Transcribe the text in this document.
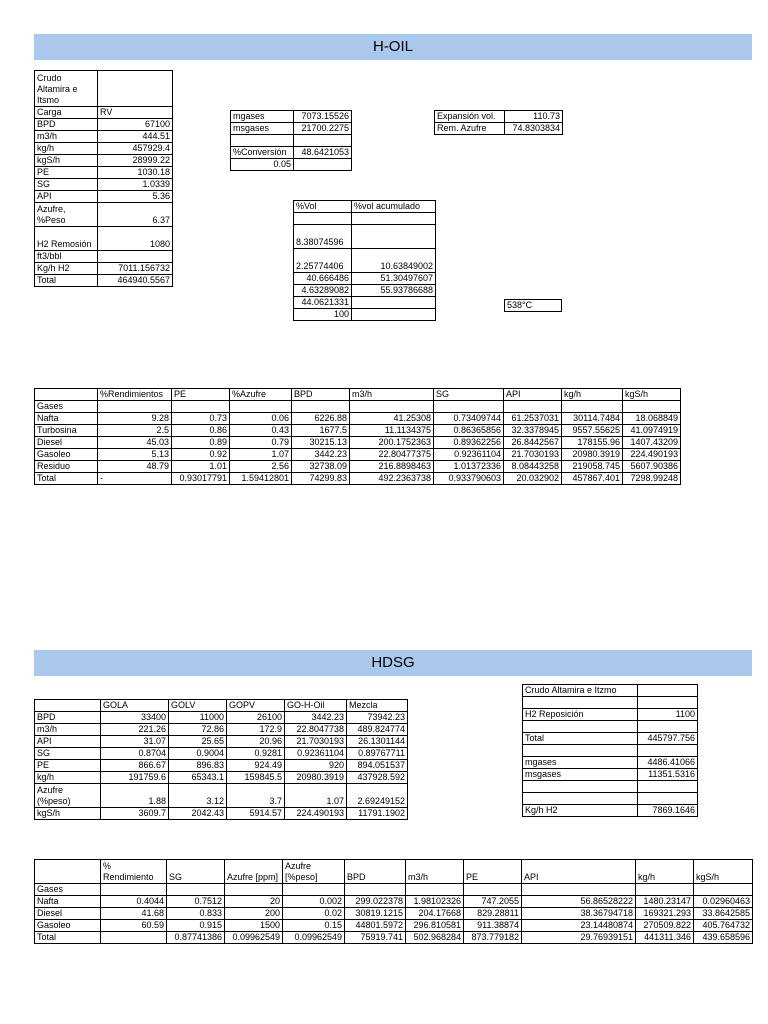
H-OIL
Crudo Altamira e Itsmo	
Carga	RV
BPD	67100
m3/h	444.51
kg/h	457929.4
kgS/h	28999.22
PE	1030.18
SG	1.0339
API	5.36
Azufre, %Peso	6.37
H2 Remosión	1080
ft3/bbl	
Kg/h H2	7011.156732
Total	464940.5567
mgases	7073.15526
msgases	21700.2275

%Conversión	48.6421053
0.05	
Expansión vol.	110.73
Rem. Azufre	74.8303834
%Vol	%vol acumulado

8.38074596	
2.25774406	10.63849002
40.666486	51.30497607
4.63289082	55.93786688
44.0621331	
100	
538°C
	%Rendimientos	PE	%Azufre	BPD	m3/h	SG	API	kg/h	kgS/h
Gases									
Nafta	9.28	0.73	0.06	6226.88	41.25308	0.73409744	61.2537031	30114.7484	18.068849
Turbosina	2.5	0.86	0.43	1677.5	11.1134375	0.86365856	32.3378945	9557.55625	41.0974919
Diesel	45.03	0.89	0.79	30215.13	200.1752363	0.89362256	26.8442567	178155.96	1407.43209
Gasoleo	5.13	0.92	1.07	3442.23	22.80477375	0.92361104	21.7030193	20980.3919	224.490193
Residuo	48.79	1.01	2.56	32738.09	216.8898463	1.01372336	8.08443258	219058.745	5607.90386
Total	-	0.93017791	1.59412801	74299.83	492.2363738	0.933790603	20.032902	457867.401	7298.99248
HDSG
	GOLA	GOLV	GOPV	GO-H-Oil	Mezcla
BPD	33400	11000	26100	3442.23	73942.23
m3/h	221.26	72.86	172.9	22.8047738	489.824774
API	31.07	25.65	20.96	21.7030193	26.1301144
SG	0.8704	0.9004	0.9281	0.92361104	0.89767711
PE	866.67	896.83	924.49	920	894.051537
kg/h	191759.6	65343.1	159845.5	20980.3919	437928.592
Azufre (%peso)	1.88	3.12	3.7	1.07	2.69249152
kgS/h	3609.7	2042.43	5914.57	224.490193	11791.1902
Crudo Altamira e Itzmo	

H2 Reposición	1100

Total	445797.756

mgases	4486.41066
msgases	11351.5316

Kg/h H2	7869.1646
	% Rendimiento	SG	Azufre [ppm]	Azufre [%peso]	BPD	m3/h	PE	API	kg/h	kgS/h
Gases										
Nafta	0.4044	0.7512	20	0.002	299.022378	1.98102326	747.2055	56.86528222	1480.23147	0.02960463
Diesel	41.68	0.833	200	0.02	30819.1215	204.17668	829.28811	38.36794718	169321.293	33.8642585
Gasoleo	60.59	0.915	1500	0.15	44801.5972	296.810581	911.38874	23.14480874	270509.822	405.764732
Total		0.87741386	0.09962549	0.09962549	75919.741	502.968284	873.779182	29.76939151	441311.346	439.658596
